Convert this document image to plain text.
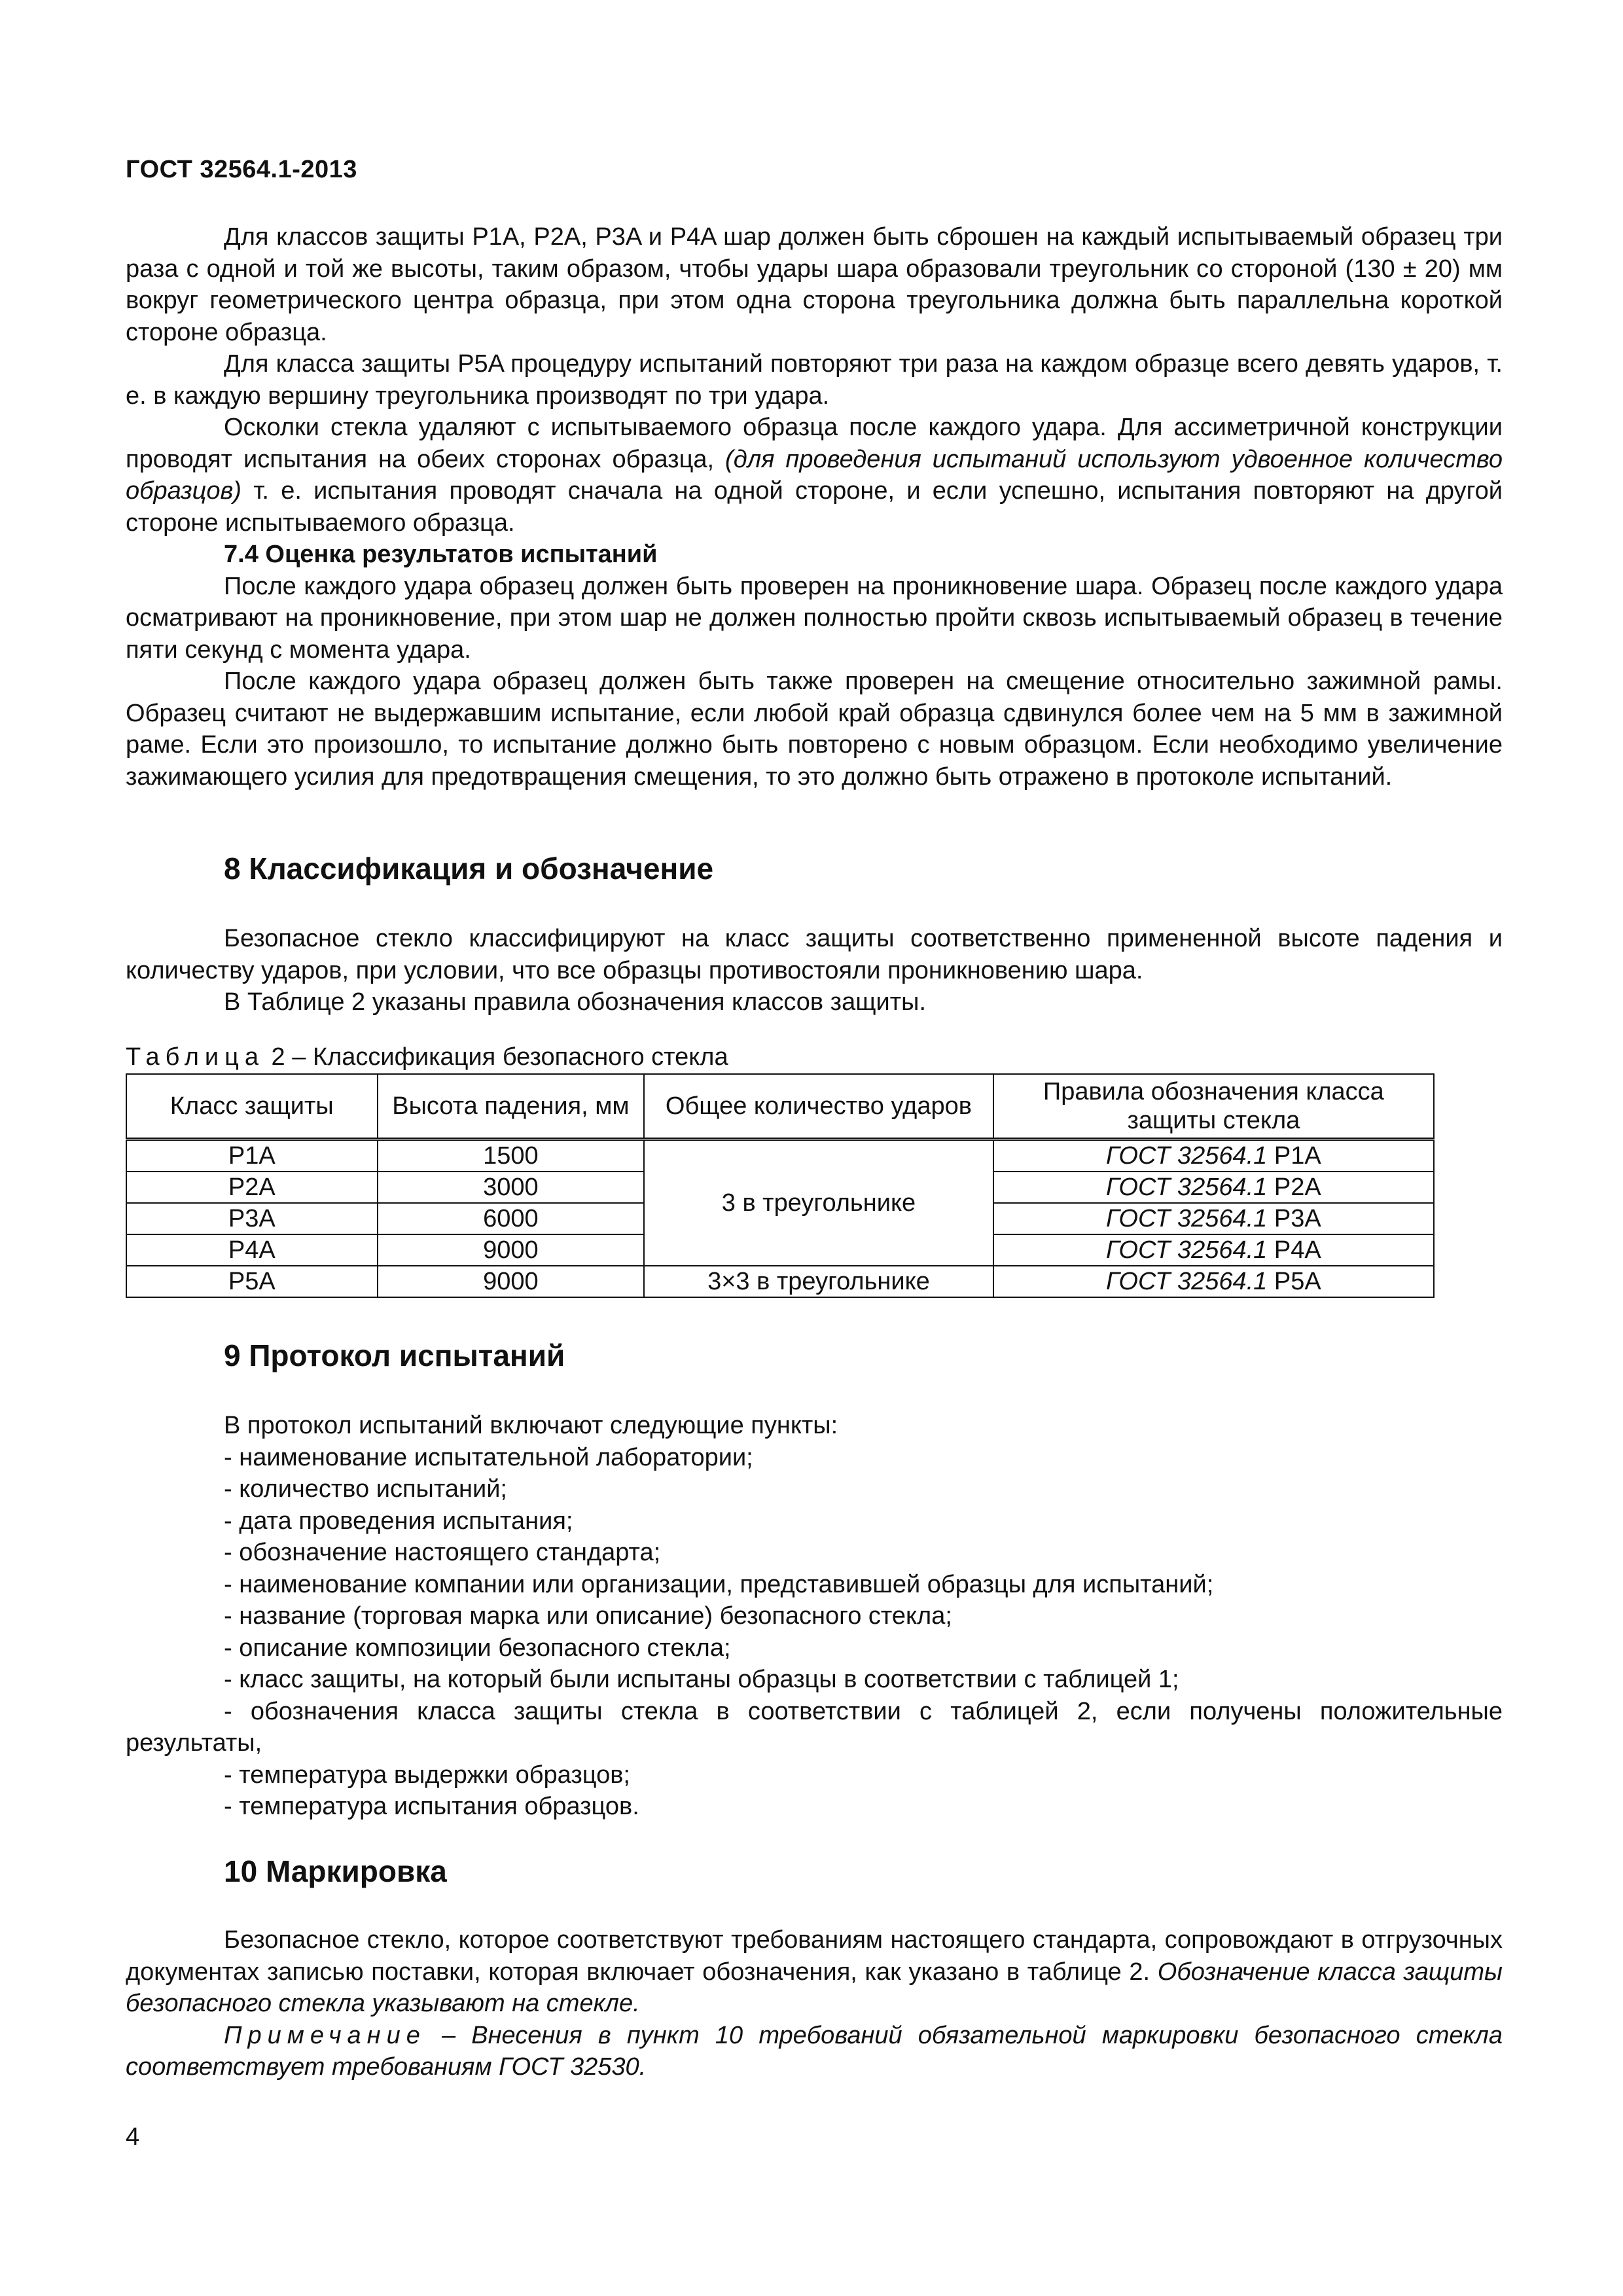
ГОСТ 32564.1-2013

Для классов защиты P1A, P2A, P3A и P4A шар должен быть сброшен на каждый испытываемый образец три раза с одной и той же высоты, таким образом, чтобы удары шара образовали треугольник со стороной (130 ± 20) мм вокруг геометрического центра образца, при этом одна сторона треугольника должна быть параллельна короткой стороне образца.

Для класса защиты P5A процедуру испытаний повторяют три раза на каждом образце всего девять ударов, т. е. в каждую вершину треугольника производят по три удара.

Осколки стекла удаляют с испытываемого образца после каждого удара. Для ассиметричной конструкции проводят испытания на обеих сторонах образца, (для проведения испытаний используют удвоенное количество образцов) т. е. испытания проводят сначала на одной стороне, и если успешно, испытания повторяют на другой стороне испытываемого образца.

7.4 Оценка результатов испытаний

После каждого удара образец должен быть проверен на проникновение шара. Образец после каждого удара осматривают на проникновение, при этом шар не должен полностью пройти сквозь испытываемый образец в течение пяти секунд с момента удара.

После каждого удара образец должен быть также проверен на смещение относительно зажимной рамы. Образец считают не выдержавшим испытание, если любой край образца сдвинулся более чем на 5 мм в зажимной раме. Если это произошло, то испытание должно быть повторено с новым образцом. Если необходимо увеличение зажимающего усилия для предотвращения смещения, то это должно быть отражено в протоколе испытаний.

8 Классификация и обозначение

Безопасное стекло классифицируют на класс защиты соответственно примененной высоте падения и количеству ударов, при условии, что все образцы противостояли проникновению шара.

В Таблице 2 указаны правила обозначения классов защиты.

Таблица 2 – Классификация безопасного стекла
Класс защиты	Высота падения, мм	Общее количество ударов	Правила обозначения класса защиты стекла
P1A	1500	3 в треугольнике	ГОСТ 32564.1 P1A
P2A	3000		ГОСТ 32564.1 P2A
P3A	6000		ГОСТ 32564.1 P3A
P4A	9000		ГОСТ 32564.1 P4A
P5A	9000	3×3 в треугольнике	ГОСТ 32564.1 P5A
9 Протокол испытаний
В протокол испытаний включают следующие пункты:
- наименование испытательной лаборатории;
- количество испытаний;
- дата проведения испытания;
- обозначение настоящего стандарта;
- наименование компании или организации, представившей образцы для испытаний;
- название (торговая марка или описание) безопасного стекла;
- описание композиции безопасного стекла;
- класс защиты, на который были испытаны образцы в соответствии с таблицей 1;

- обозначения класса защиты стекла в соответствии с таблицей 2, если получены положительные результаты,

- температура выдержки образцов;
- температура испытания образцов.
10 Маркировка

Безопасное стекло, которое соответствуют требованиям настоящего стандарта, сопровождают в отгрузочных документах записью поставки, которая включает обозначения, как указано в таблице 2. Обозначение класса защиты безопасного стекла указывают на стекле.

Примечание – Внесения в пункт 10 требований обязательной маркировки безопасного стекла соответствует требованиям ГОСТ 32530.

4
